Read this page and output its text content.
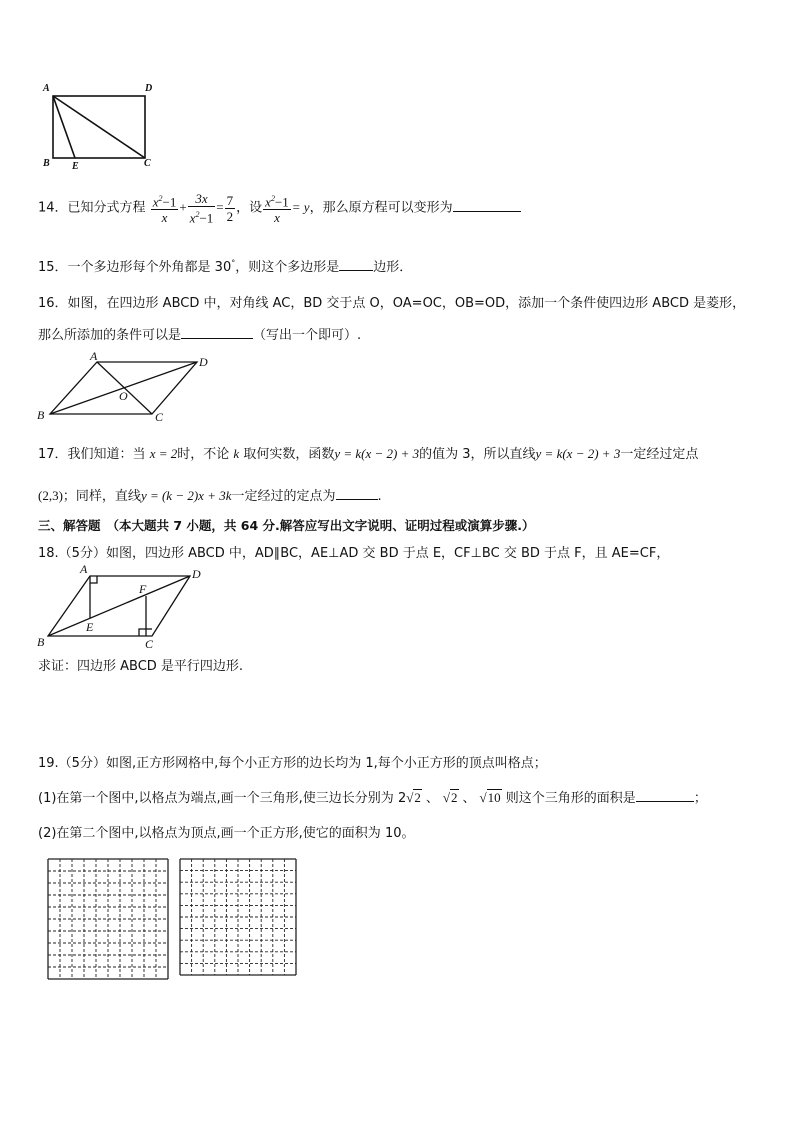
A	D
B E	C
14．已知分式方程 $\frac{x^2-1}{x} + \frac{3x}{x^2-1} = \frac{7}{2}$ ，设 $\frac{x^2-1}{x} = y$，那么原方程可以变形为
15．一个多边形每个外角都是 30°，则这个多边形是	边形．
16．如图，在四边形 ABCD 中，对角线 AC，BD 交于点 O，OA=OC，OB=OD，添加一个条件使四边形 ABCD 是菱形，
那么所添加的条件可以是	（写出一个即可）.
A	D
O
B	C
17．我们知道：当 x = 2时，不论 k 取何实数，函数y = k(x − 2) + 3的值为 3，所以直线y = k(x − 2) + 3一定经过定点
(2,3)；同样，直线y = (k − 2)x + 3k一定经过的定点为	.
三、解答题 （本大题共 7 小题，共 64 分.解答应写出文字说明、证明过程或演算步骤.）
18.（5分）如图，四边形 ABCD 中，AD∥BC，AE⊥AD 交 BD 于点 E，CF⊥BC 交 BD 于点 F，且 AE=CF，
A	D
F
E
B	C
求证：四边形 ABCD 是平行四边形.
19.（5分）如图,正方形网格中,每个小正方形的边长均为 1,每个小正方形的顶点叫格点；
(1)在第一个图中,以格点为端点,画一个三角形,使三边长分别为 2√2 、 √2 、 √10 则这个三角形的面积是	；
(2)在第二个图中,以格点为顶点,画一个正方形,使它的面积为 10。
